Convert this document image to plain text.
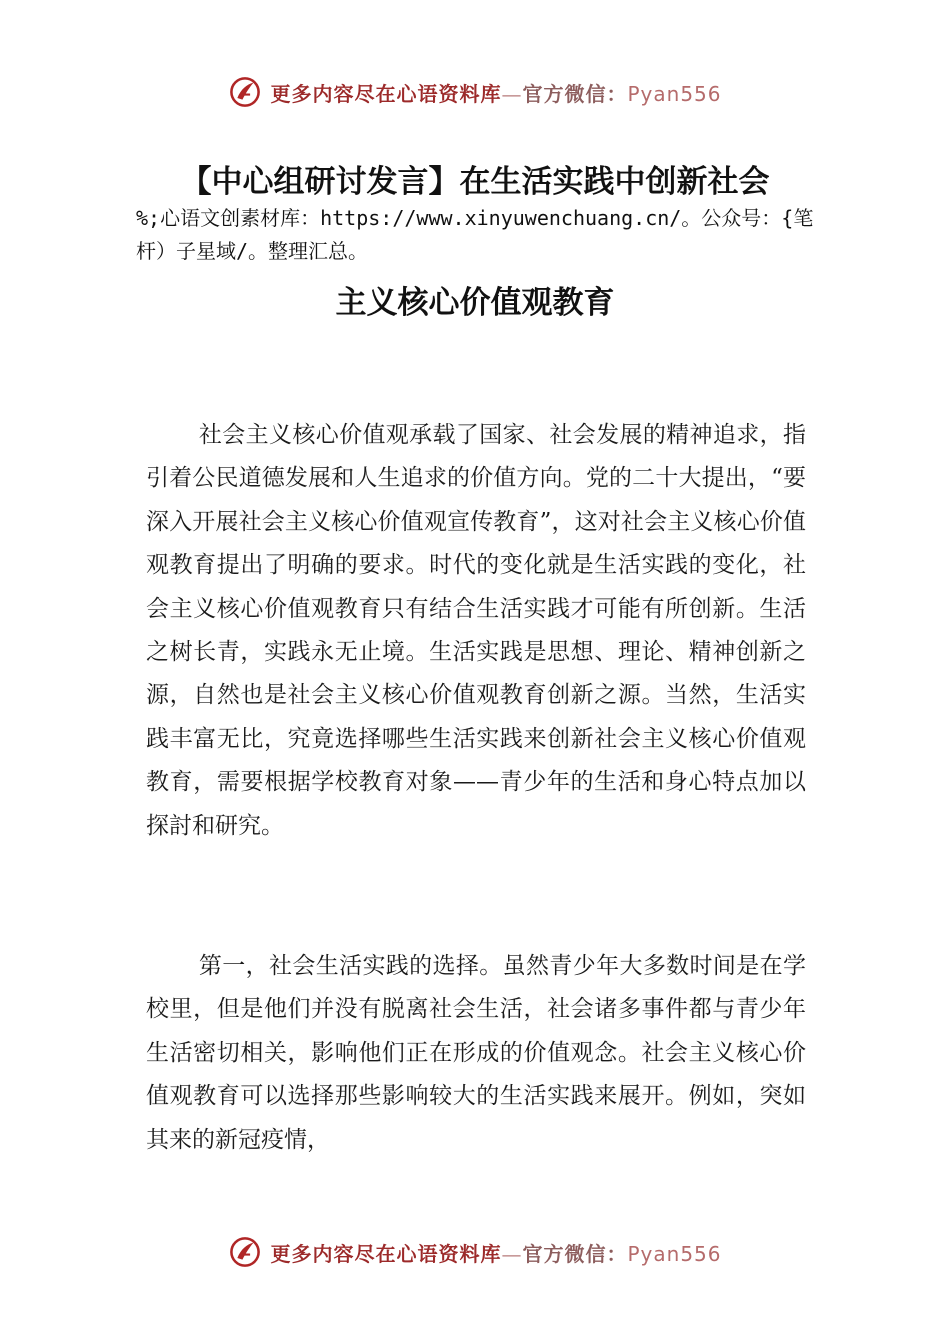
更多内容尽在心语资料库—官方微信：Pyan556
【中心组研讨发言】在生活实践中创新社会
%;心语文创素材库：https://www.xinyuwenchuang.cn/。公众号：{笔杆）子星域/。整理汇总。
主义核心价值观教育

社会主义核心价值观承载了国家、社会发展的精神追求，指引着公民道德发展和人生追求的价值方向。党的二十大提出，“要深入开展社会主义核心价值观宣传教育”，这对社会主义核心价值观教育提出了明确的要求。时代的变化就是生活实践的变化，社会主义核心价值观教育只有结合生活实践才可能有所创新。生活之树长青，实践永无止境。生活实践是思想、理论、精神创新之源，自然也是社会主义核心价值观教育创新之源。当然，生活实践丰富无比，究竟选择哪些生活实践来创新社会主义核心价值观教育，需要根据学校教育对象——青少年的生活和身心特点加以探討和研究。

第一，社会生活实践的选择。虽然青少年大多数时间是在学校里，但是他们并没有脱离社会生活，社会诸多事件都与青少年生活密切相关，影响他们正在形成的价值观念。社会主义核心价值观教育可以选择那些影响较大的生活实践来展开。例如，突如其来的新冠疫情，

更多内容尽在心语资料库—官方微信：Pyan556
